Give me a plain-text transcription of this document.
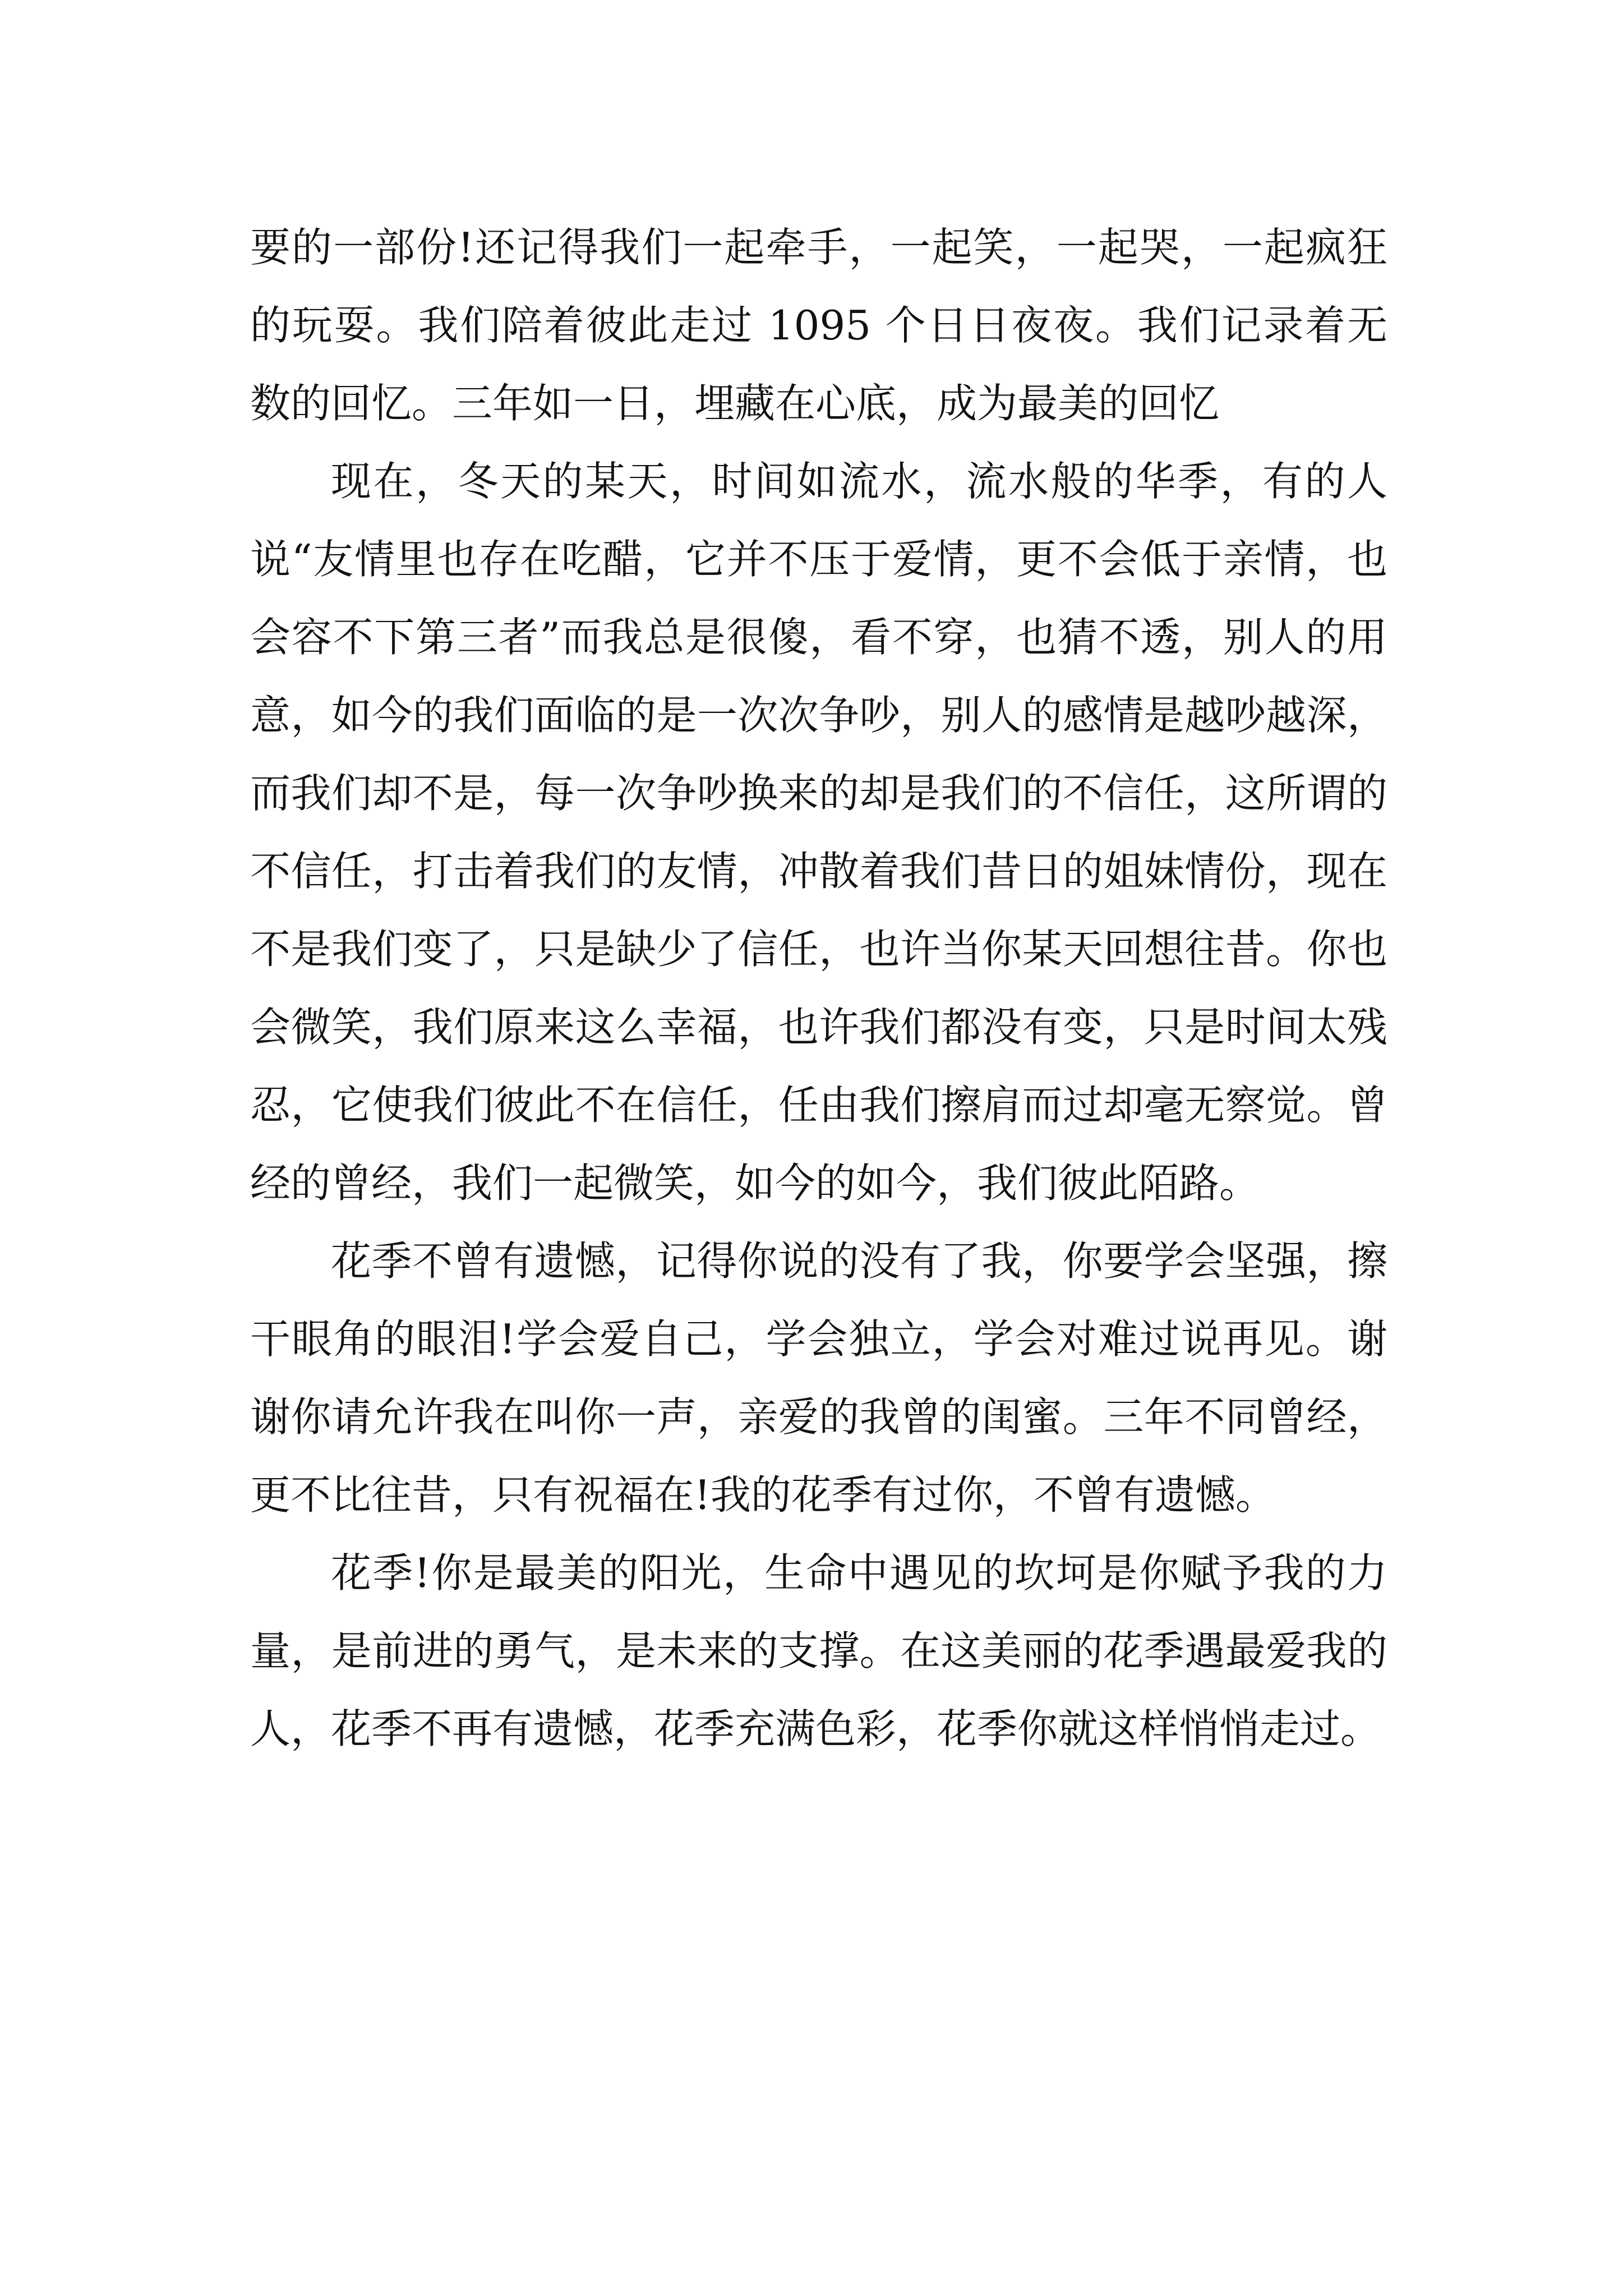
要的一部份!还记得我们一起牵手，一起笑，一起哭，一起疯狂的玩耍。我们陪着彼此走过 1095 个日日夜夜。我们记录着无数的回忆。三年如一日，埋藏在心底，成为最美的回忆

现在，冬天的某天，时间如流水，流水般的华季，有的人说“友情里也存在吃醋，它并不压于爱情，更不会低于亲情，也会容不下第三者”而我总是很傻，看不穿，也猜不透，别人的用意，如今的我们面临的是一次次争吵，别人的感情是越吵越深，而我们却不是，每一次争吵换来的却是我们的不信任，这所谓的不信任，打击着我们的友情，冲散着我们昔日的姐妹情份，现在不是我们变了，只是缺少了信任，也许当你某天回想往昔。你也会微笑，我们原来这么幸福，也许我们都没有变，只是时间太残忍，它使我们彼此不在信任，任由我们擦肩而过却毫无察觉。曾经的曾经，我们一起微笑，如今的如今，我们彼此陌路。

花季不曾有遗憾，记得你说的没有了我，你要学会坚强，擦干眼角的眼泪!学会爱自己，学会独立，学会对难过说再见。谢谢你请允许我在叫你一声，亲爱的我曾的闺蜜。三年不同曾经，更不比往昔，只有祝福在!我的花季有过你，不曾有遗憾。

花季!你是最美的阳光，生命中遇见的坎坷是你赋予我的力量，是前进的勇气，是未来的支撑。在这美丽的花季遇最爱我的人，花季不再有遗憾，花季充满色彩，花季你就这样悄悄走过。
